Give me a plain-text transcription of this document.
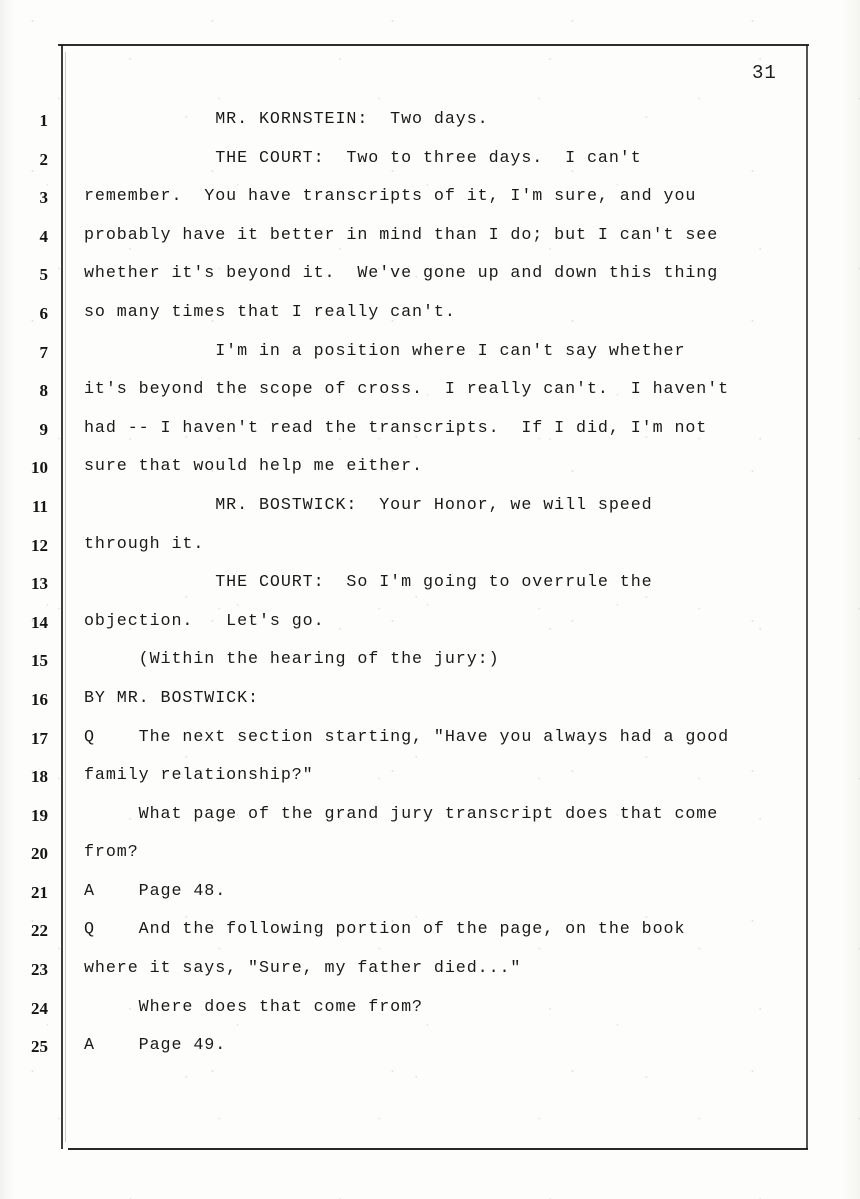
31
1 MR. KORNSTEIN:  Two days.
2 THE COURT:  Two to three days.  I can't
3 remember.  You have transcripts of it, I'm sure, and you
4 probably have it better in mind than I do; but I can't see
5 whether it's beyond it.  We've gone up and down this thing
6 so many times that I really can't.
7 I'm in a position where I can't say whether
8 it's beyond the scope of cross.  I really can't.  I haven't
9 had -- I haven't read the transcripts.  If I did, I'm not
10 sure that would help me either.
11 MR. BOSTWICK:  Your Honor, we will speed
12 through it.
13 THE COURT:  So I'm going to overrule the
14 objection.   Let's go.
15 (Within the hearing of the jury:)
16 BY MR. BOSTWICK:
17 Q    The next section starting, "Have you always had a good
18 family relationship?"
19 What page of the grand jury transcript does that come
20 from?
21 A    Page 48.
22 Q    And the following portion of the page, on the book
23 where it says, "Sure, my father died..."
24 Where does that come from?
25 A    Page 49.
